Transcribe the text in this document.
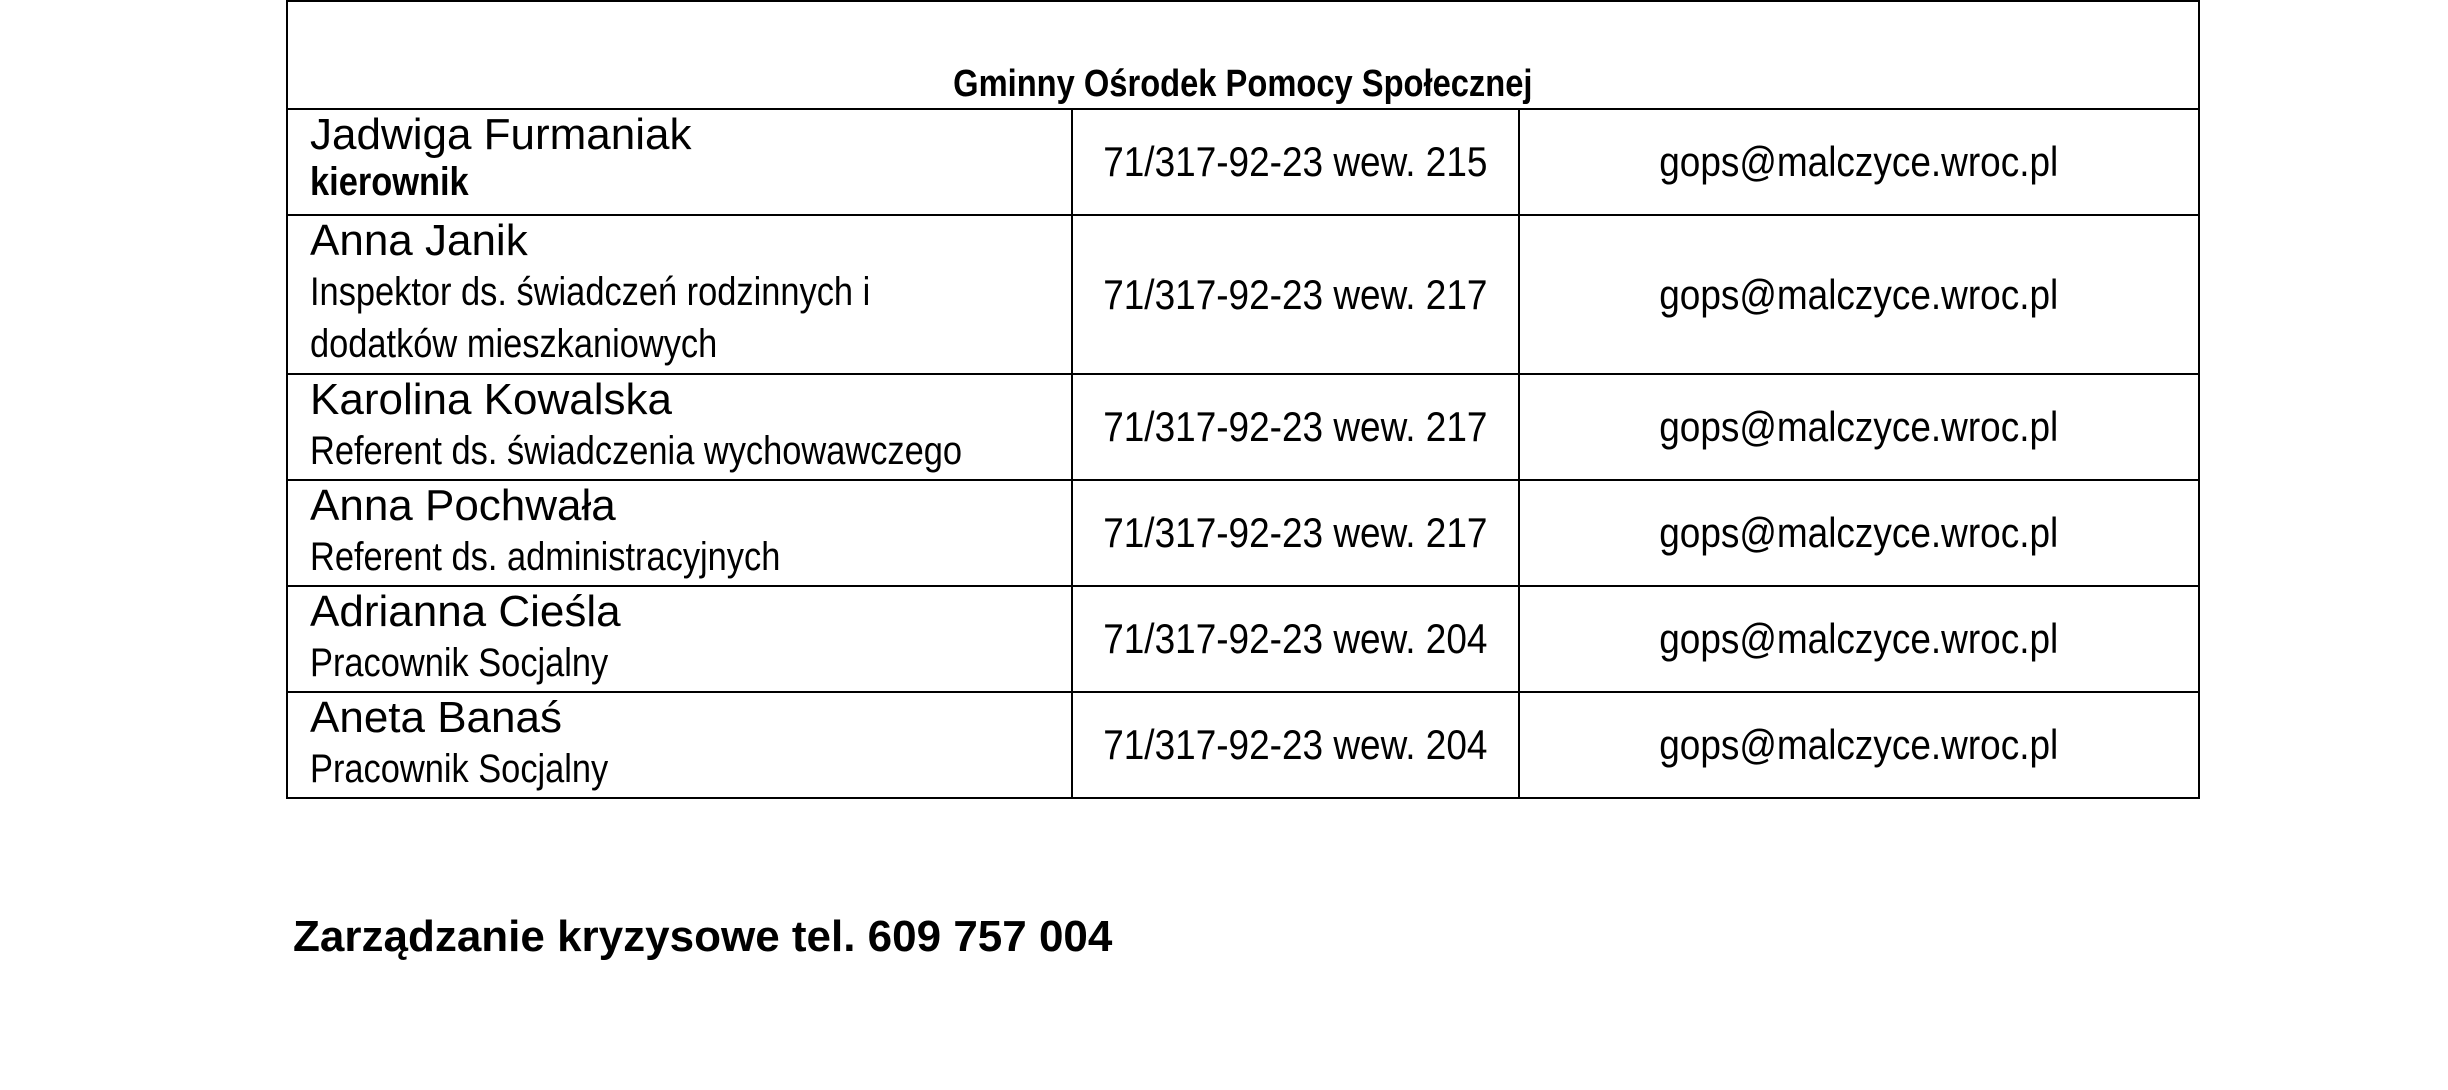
Gminny Ośrodek Pomocy Społecznej		

Jadwiga Furmaniak
kierownik	71/317-92-23 wew. 215	gops@malczyce.wroc.pl

Anna Janik
Inspektor ds. świadczeń rodzinnych i
dodatków mieszkaniowych	71/317-92-23 wew. 217	gops@malczyce.wroc.pl

Karolina Kowalska
Referent ds. świadczenia wychowawczego	71/317-92-23 wew. 217	gops@malczyce.wroc.pl

Anna Pochwała
Referent ds. administracyjnych	71/317-92-23 wew. 217	gops@malczyce.wroc.pl

Adrianna Cieśla
Pracownik Socjalny	71/317-92-23 wew. 204	gops@malczyce.wroc.pl

Aneta Banaś
Pracownik Socjalny	71/317-92-23 wew. 204	gops@malczyce.wroc.pl
Zarządzanie kryzysowe tel. 609 757 004
